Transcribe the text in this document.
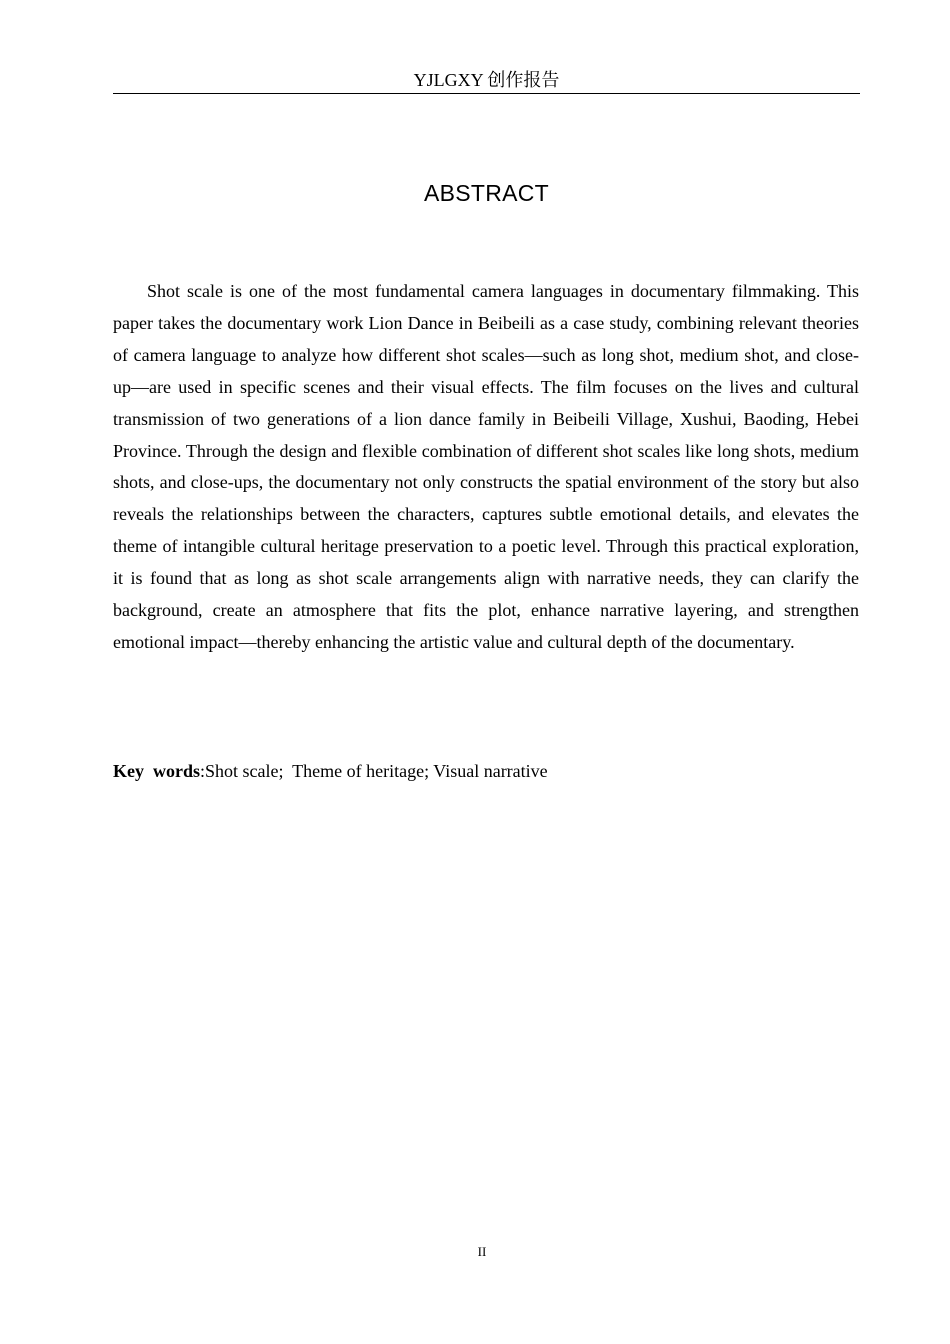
YJLGXY 创作报告
ABSTRACT

Shot scale is one of the most fundamental camera languages in documentary filmmaking. This paper takes the documentary work Lion Dance in Beibeili as a case study, combining relevant theories of camera language to analyze how different shot scales—such as long shot, medium shot, and close-up—are used in specific scenes and their visual effects. The film focuses on the lives and cultural transmission of two generations of a lion dance family in Beibeili Village, Xushui, Baoding, Hebei Province. Through the design and flexible combination of different shot scales like long shots, medium shots, and close-ups, the documentary not only constructs the spatial environment of the story but also reveals the relationships between the characters, captures subtle emotional details, and elevates the theme of intangible cultural heritage preservation to a poetic level. Through this practical exploration, it is found that as long as shot scale arrangements align with narrative needs, they can clarify the background, create an atmosphere that fits the plot, enhance narrative layering, and strengthen emotional impact—thereby enhancing the artistic value and cultural depth of the documentary.

Key  words:Shot scale;  Theme of heritage; Visual narrative
II
